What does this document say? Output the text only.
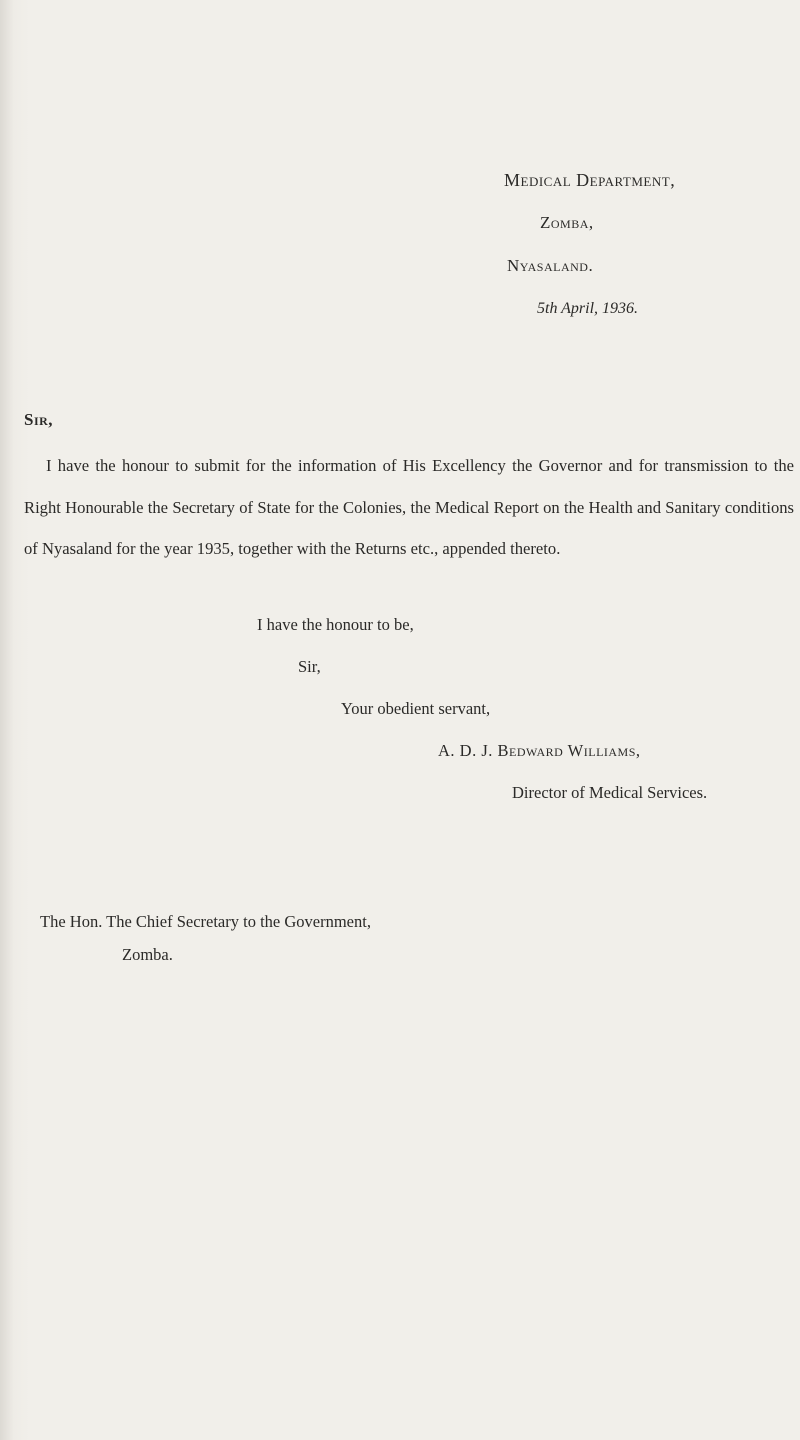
Medical Department,
Zomba,
Nyasaland.
5th April, 1936.
Sir,

I have the honour to submit for the information of His Excellency the Governor and for transmission to the Right Honourable the Secretary of State for the Colonies, the Medical Report on the Health and Sanitary conditions of Nyasaland for the year 1935, together with the Returns etc., appended thereto.

I have the honour to be,
Sir,
Your obedient servant,
A. D. J. Bedward Williams,
Director of Medical Services.
The Hon. The Chief Secretary to the Government,
Zomba.
